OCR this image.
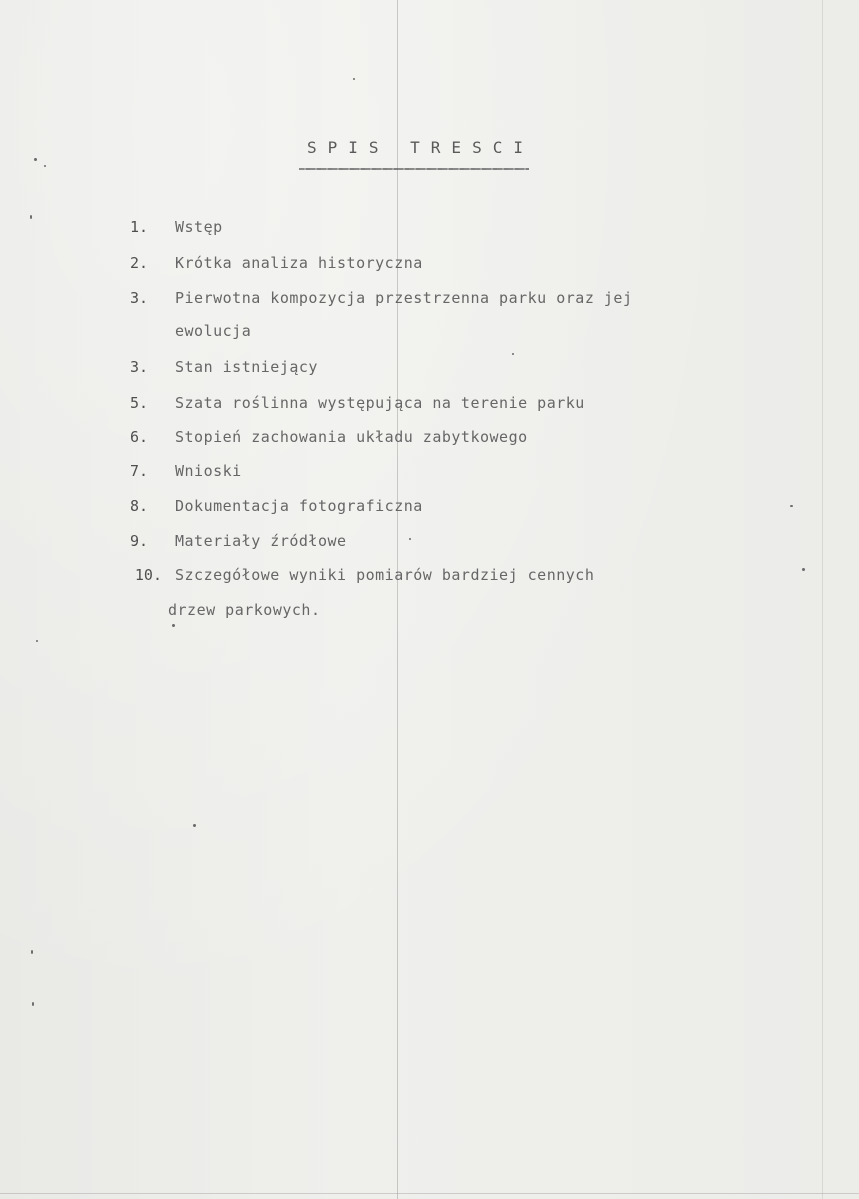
SPIS TRESCI
1. Wstęp
2. Krótka analiza historyczna
3. Pierwotna kompozycja przestrzenna parku oraz jej
ewolucja
3. Stan istniejący
5. Szata roślinna występująca na terenie parku
6. Stopień zachowania układu zabytkowego
7. Wnioski
8. Dokumentacja fotograficzna
9. Materiały źródłowe
10. Szczegółowe wyniki pomiarów bardziej cennych
drzew parkowych.
